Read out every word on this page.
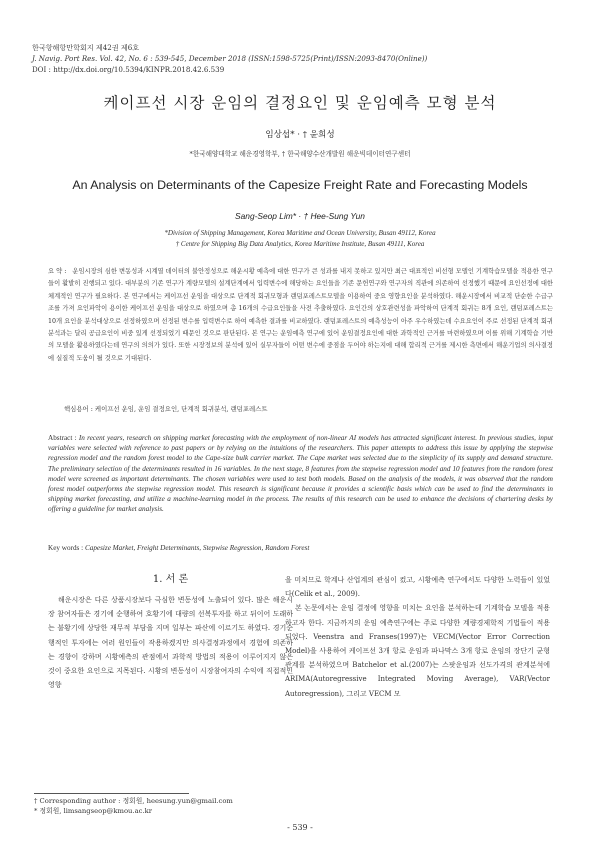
한국항해항만학회지 제42권 제6호
J. Navig. Port Res. Vol. 42, No. 6 : 539-545, December 2018 (ISSN:1598-5725(Print)/ISSN:2093-8470(Online))
DOI : http://dx.doi.org/10.5394/KINPR.2018.42.6.539
케이프선 시장 운임의 결정요인 및 운임예측 모형 분석
임상섭* · † 윤희성
*한국해양대학교 해운경영학부, † 한국해양수산개발원 해운빅데이터연구센터
An Analysis on Determinants of the Capesize Freight Rate and Forecasting Models
Sang-Seop Lim* · † Hee-Sung Yun
*Division of Shipping Management, Korea Maritime and Ocean University, Busan 49112, Korea
† Centre for Shipping Big Data Analytics, Korea Maritime Institute, Busan 49111, Korea
요 약 : 운임시장의 심한 변동성과 시계열 데이터의 불안정성으로 해운시황 예측에 대한 연구가 큰 성과를 내지 못하고 있지만 최근 대표적인 비선형 모델인 기계학습모델을 적용한 연구들이 활발히 진행되고 있다. 대부분의 기존 연구가 계량모델의 설계단계에서 입력변수에 해당하는 요인들을 기존 문헌연구와 연구자의 직관에 의존하여 선정했기 때문에 요인선정에 대한 체계적인 연구가 필요하다. 본 연구에서는 케이프선 운임을 대상으로 단계적 회귀모형과 랜덤포레스트모델을 이용하여 중요 영향요인을 분석하였다. 해운시장에서 비교적 단순한 수급구조를 가져 요인파악이 용이한 케이프선 운임을 대상으로 하였으며 총 16개의 수급요인들을 사전 추출하였다. 요인간의 상호관련성을 파악하여 단계적 회귀는 8개 요인, 랜덤포레스트는 10개 요인을 분석대상으로 선정하였으며 선정된 변수를 입력변수로 하여 예측한 결과를 비교하였다. 랜덤포레스트의 예측성능이 아주 우수하였는데 수요요인이 주로 선정된 단계적 회귀분석과는 달리 공급요인이 비중 있게 선정되었기 때문인 것으로 판단된다. 본 연구는 운임예측 연구에 있어 운임결정요인에 대한 과학적인 근거를 마련하였으며 이를 위해 기계학습 기반의 모델을 활용하였다는데 연구의 의의가 있다. 또한 시장정보의 분석에 있어 실무자들이 어떤 변수에 중점을 두어야 하는지에 대해 합리적 근거를 제시한 측면에서 해운기업의 의사결정에 실질적 도움이 될 것으로 기대된다.
핵심용어 : 케이프선 운임, 운임 결정요인, 단계적 회귀분석, 랜덤포레스트
Abstract : In recent years, research on shipping market forecasting with the employment of non-linear AI models has attracted significant interest. In previous studies, input variables were selected with reference to past papers or by relying on the intuitions of the researchers. This paper attempts to address this issue by applying the stepwise regression model and the random forest model to the Cape-size bulk carrier market. The Cape market was selected due to the simplicity of its supply and demand structure. The preliminary selection of the determinants resulted in 16 variables. In the next stage, 8 features from the stepwise regression model and 10 features from the random forest model were screened as important determinants. The chosen variables were used to test both models. Based on the analysis of the models, it was observed that the random forest model outperforms the stepwise regression model. This research is significant because it provides a scientific basis which can be used to find the determinants in shipping market forecasting, and utilize a machine-learning model in the process. The results of this research can be used to enhance the decisions of chartering desks by offering a guideline for market analysis.
Key words : Capesize Market, Freight Determinants, Stepwise Regression, Random Forest
1. 서 론

해운시장은 다른 상품시장보다 극심한 변동성에 노출되어 있다. 많은 해운시장 참여자들은 경기에 순행하여 호황기에 대량의 선복투자를 하고 뒤이어 도래하는 불황기에 상당한 재무적 부담을 지며 일부는 파산에 이르기도 하였다. 경기순행적인 투자에는 여러 원인들이 작용하겠지만 의사결정과정에서 경험에 의존하는 경향이 강하며 시황예측의 관점에서 과학적 방법의 적용이 이루어지지 않은 것이 중요한 요인으로 지목된다. 시황의 변동성이 시장참여자의 수익에 직접적인 영향

을 미치므로 학계나 산업계의 관심이 컸고, 시황예측 연구에서도 다양한 노력들이 있었다(Celik et al., 2009).

본 논문에서는 운임 결정에 영향을 미치는 요인을 분석하는데 기계학습 모델을 적용하고자 한다. 지금까지의 운임 예측연구에는 주로 다양한 계량경제학적 기법들이 적용되었다. Veenstra and Franses(1997)는 VECM(Vector Error Correction Model)을 사용하여 케이프선 3개 항로 운임과 파나막스 3개 항로 운임의 장단기 균형관계를 분석하였으며 Batchelor et al.(2007)는 스팟운임과 선도가격의 관계분석에 ARIMA(Autoregressive Integrated Moving Average), VAR(Vector Autoregression), 그리고 VECM 모

† Corresponding author : 정회원, heesung.yun@gmail.com
* 정회원, limsangseop@kmou.ac.kr
- 539 -
